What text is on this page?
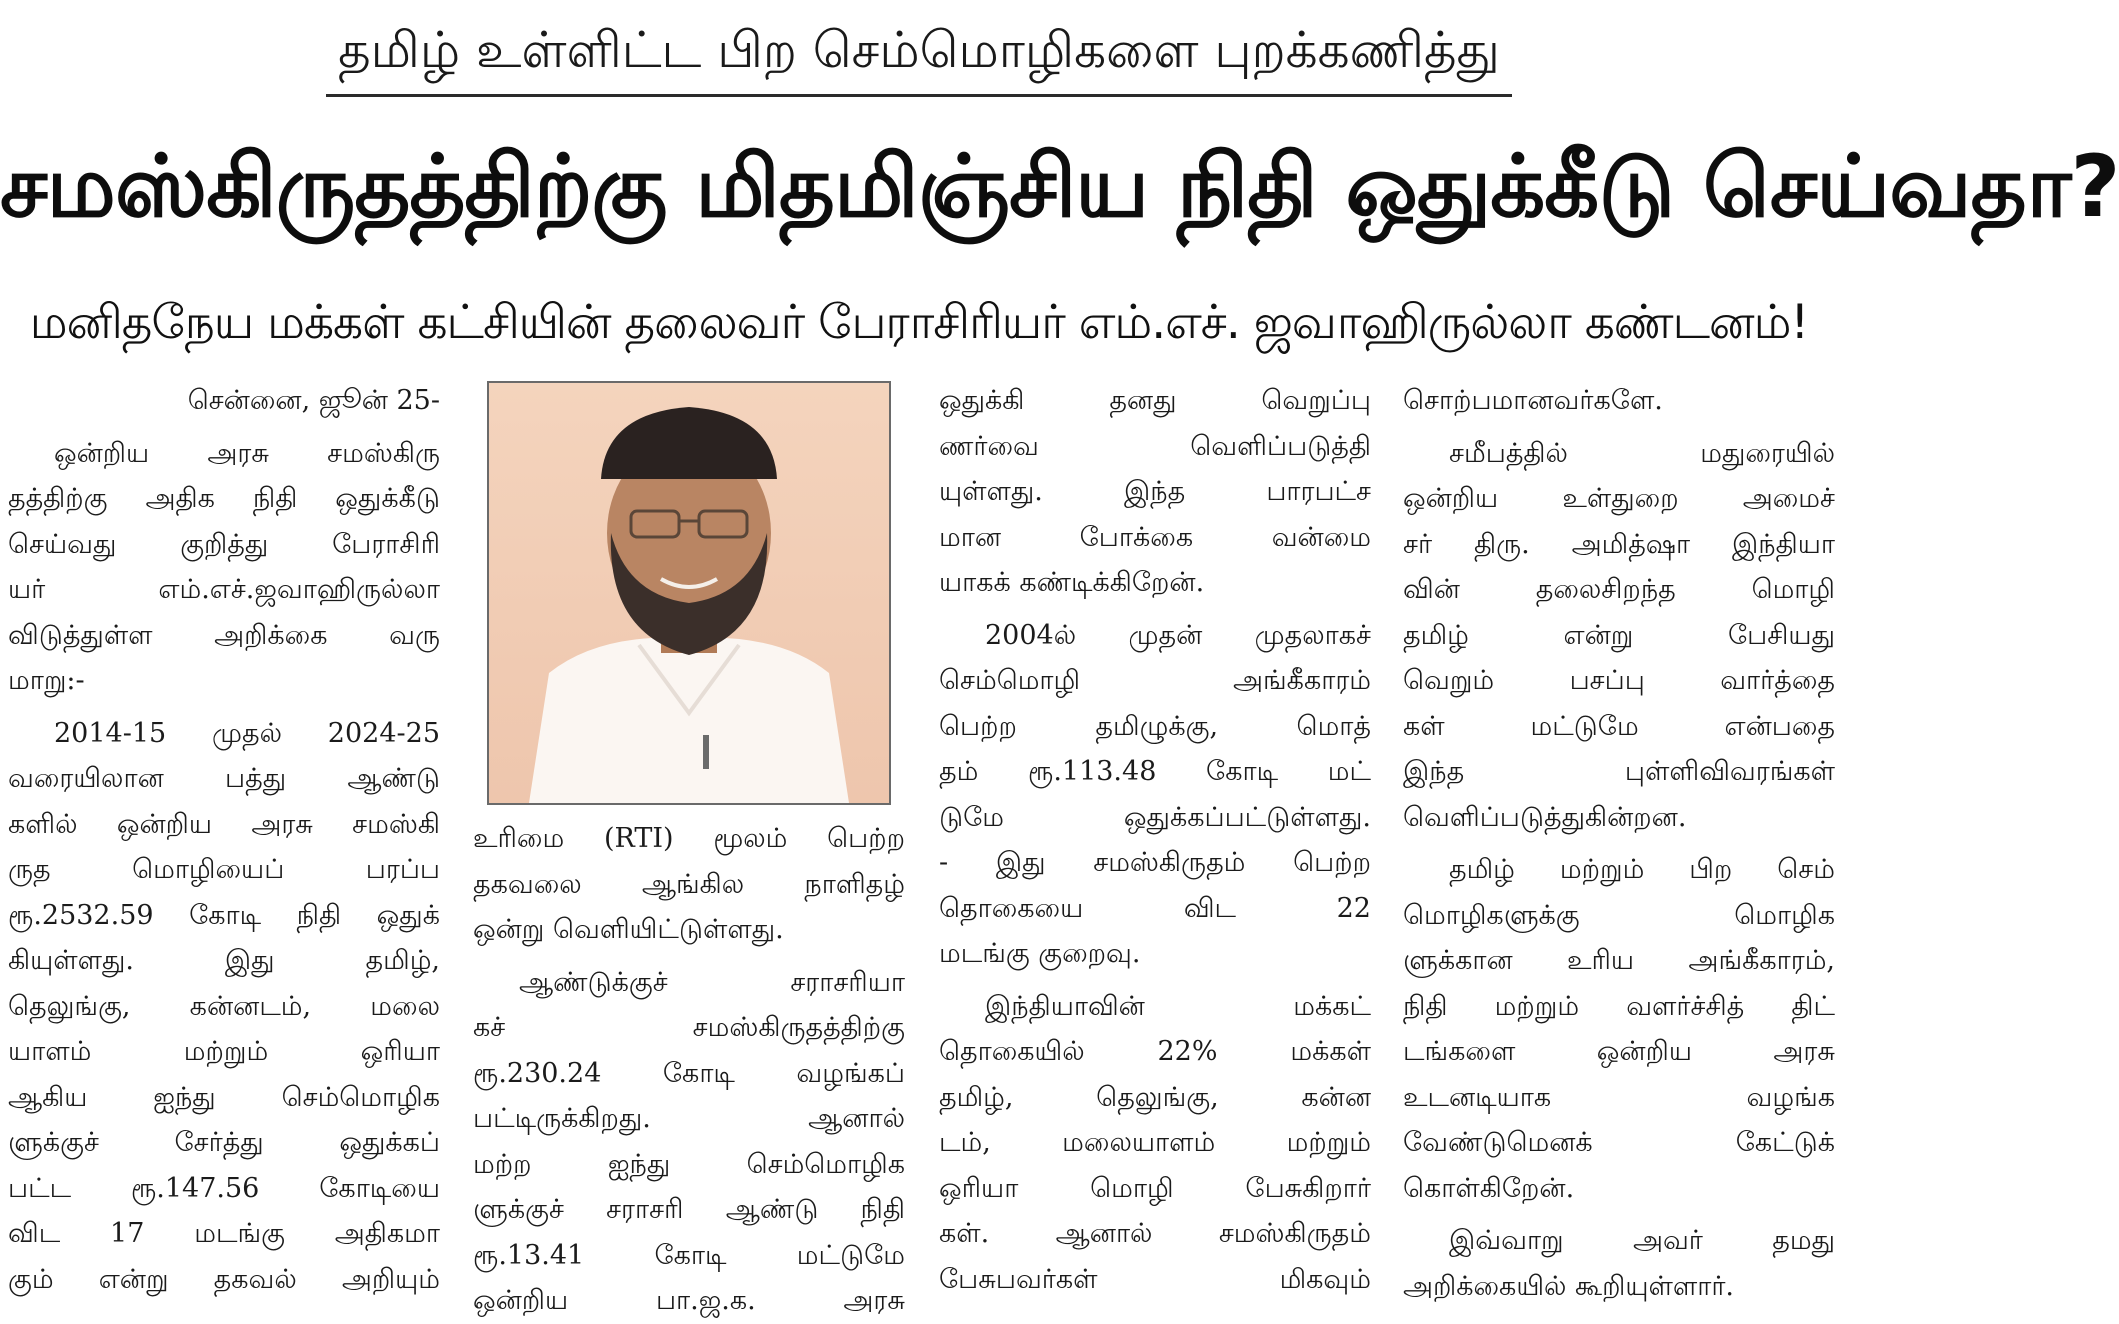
தமிழ் உள்ளிட்ட பிற செம்மொழிகளை புறக்கணித்து
சமஸ்கிருதத்திற்கு மிதமிஞ்சிய நிதி ஒதுக்கீடு செய்வதா?
மனிதநேய மக்கள் கட்சியின் தலைவர் பேராசிரியர் எம்.எச். ஜவாஹிருல்லா கண்டனம்!

சென்னை, ஜூன் 25-

ஒன்றிய அரசு சமஸ்கிரு

தத்திற்கு அதிக நிதி ஒதுக்கீடு

செய்வது குறித்து பேராசிரி

யர் எம்.எச்.ஜவாஹிருல்லா

விடுத்துள்ள அறிக்கை வரு

மாறு:-

2014-15 முதல் 2024-25

வரையிலான பத்து ஆண்டு

களில் ஒன்றிய அரசு சமஸ்கி

ருத மொழியைப் பரப்ப

ரூ.2532.59 கோடி நிதி ஒதுக்

கியுள்ளது. இது தமிழ்,

தெலுங்கு, கன்னடம், மலை

யாளம் மற்றும் ஒரியா

ஆகிய ஐந்து செம்மொழிக

ளுக்குச் சேர்த்து ஒதுக்கப்

பட்ட ரூ.147.56 கோடியை

விட 17 மடங்கு அதிகமா

கும் என்று தகவல் அறியும்

உரிமை (RTI) மூலம் பெற்ற

தகவலை ஆங்கில நாளிதழ்

ஒன்று வெளியிட்டுள்ளது.

ஆண்டுக்குச் சராசரியா

கச் சமஸ்கிருதத்திற்கு

ரூ.230.24 கோடி வழங்கப்

பட்டிருக்கிறது. ஆனால்

மற்ற ஐந்து செம்மொழிக

ளுக்குச் சராசரி ஆண்டு நிதி

ரூ.13.41 கோடி மட்டுமே

ஒன்றிய பா.ஜ.க. அரசு

ஒதுக்கி தனது வெறுப்பு

ணர்வை வெளிப்படுத்தி

யுள்ளது. இந்த பாரபட்ச

மான போக்கை வன்மை

யாகக் கண்டிக்கிறேன்.

2004ல் முதன் முதலாகச்

செம்மொழி அங்கீகாரம்

பெற்ற தமிழுக்கு, மொத்

தம் ரூ.113.48 கோடி மட்

டுமே ஒதுக்கப்பட்டுள்ளது.

- இது சமஸ்கிருதம் பெற்ற

தொகையை விட 22

மடங்கு குறைவு.

இந்தியாவின் மக்கட்

தொகையில் 22% மக்கள்

தமிழ், தெலுங்கு, கன்ன

டம், மலையாளம் மற்றும்

ஒரியா மொழி பேசுகிறார்

கள். ஆனால் சமஸ்கிருதம்

பேசுபவர்கள் மிகவும்

சொற்பமானவர்களே.

சமீபத்தில் மதுரையில்

ஒன்றிய உள்துறை அமைச்

சர் திரு. அமித்ஷா இந்தியா

வின் தலைசிறந்த மொழி

தமிழ் என்று பேசியது

வெறும் பசப்பு வார்த்தை

கள் மட்டுமே என்பதை

இந்த புள்ளிவிவரங்கள்

வெளிப்படுத்துகின்றன.

தமிழ் மற்றும் பிற செம்

மொழிகளுக்கு மொழிக

ளுக்கான உரிய அங்கீகாரம்,

நிதி மற்றும் வளர்ச்சித் திட்

டங்களை ஒன்றிய அரசு

உடனடியாக வழங்க

வேண்டுமெனக் கேட்டுக்

கொள்கிறேன்.

இவ்வாறு அவர் தமது

அறிக்கையில் கூறியுள்ளார்.
